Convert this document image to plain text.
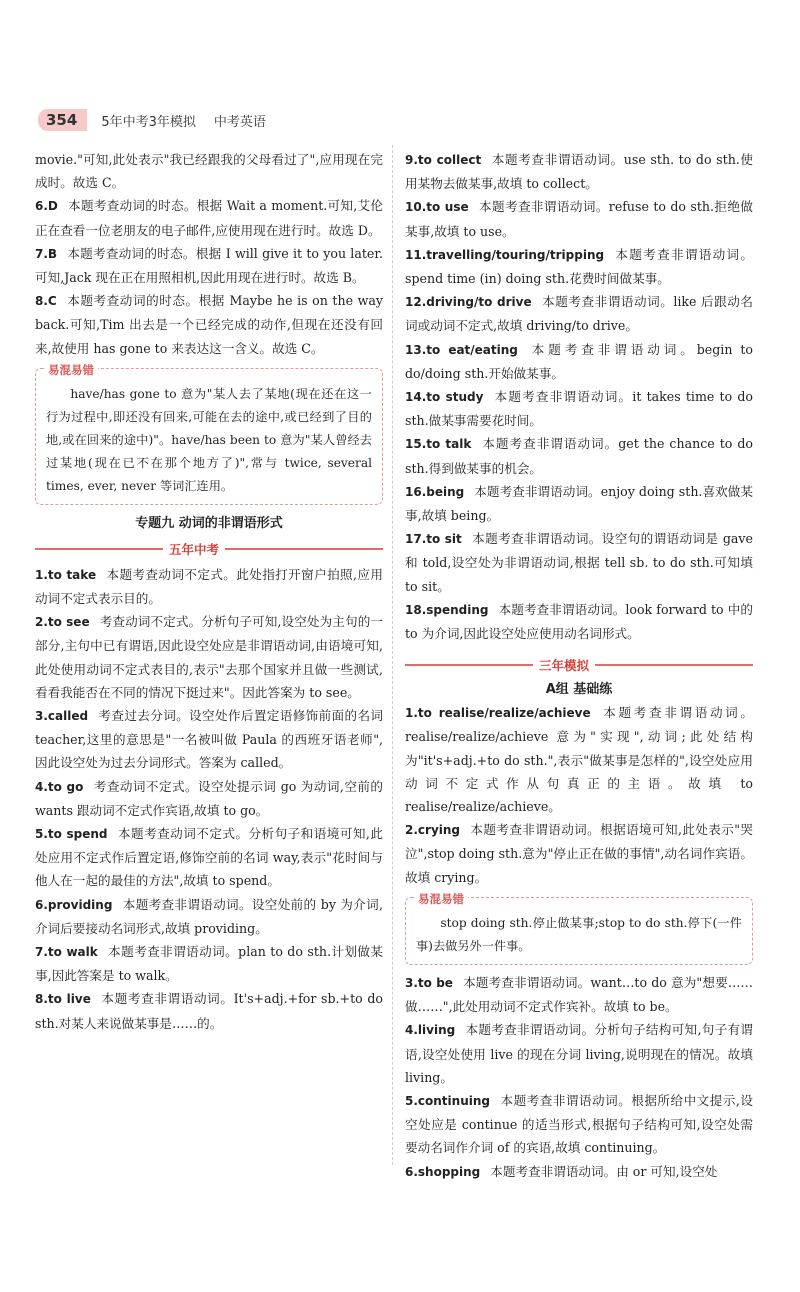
354	5年中考3年模拟 中考英语

movie."可知,此处表示"我已经跟我的父母看过了",应用现在完成时。故选 C。

6.D 本题考查动词的时态。根据 Wait a moment.可知,艾伦正在查看一位老朋友的电子邮件,应使用现在进行时。故选 D。

7.B 本题考查动词的时态。根据 I will give it to you later.可知,Jack 现在正在用照相机,因此用现在进行时。故选 B。

8.C 本题考查动词的时态。根据 Maybe he is on the way back.可知,Tim 出去是一个已经完成的动作,但现在还没有回来,故使用 has gone to 来表达这一含义。故选 C。

易混易错

have/has gone to 意为"某人去了某地(现在还在这一行为过程中,即还没有回来,可能在去的途中,或已经到了目的地,或在回来的途中)"。have/has been to 意为"某人曾经去过某地(现在已不在那个地方了)",常与 twice, several times, ever, never 等词汇连用。

专题九 动词的非谓语形式

五年中考

1.to take 本题考查动词不定式。此处指打开窗户拍照,应用动词不定式表示目的。

2.to see 考查动词不定式。分析句子可知,设空处为主句的一部分,主句中已有谓语,因此设空处应是非谓语动词,由语境可知,此处使用动词不定式表目的,表示"去那个国家并且做一些测试,看看我能否在不同的情况下挺过来"。因此答案为 to see。

3.called 考查过去分词。设空处作后置定语修饰前面的名词 teacher,这里的意思是"一名被叫做 Paula 的西班牙语老师",因此设空处为过去分词形式。答案为 called。

4.to go 考查动词不定式。设空处提示词 go 为动词,空前的 wants 跟动词不定式作宾语,故填 to go。

5.to spend 本题考查动词不定式。分析句子和语境可知,此处应用不定式作后置定语,修饰空前的名词 way,表示"花时间与他人在一起的最佳的方法",故填 to spend。

6.providing 本题考查非谓语动词。设空处前的 by 为介词,介词后要接动名词形式,故填 providing。

7.to walk 本题考查非谓语动词。plan to do sth.计划做某事,因此答案是 to walk。

8.to live 本题考查非谓语动词。It's+adj.+for sb.+to do sth.对某人来说做某事是……的。

9.to collect 本题考查非谓语动词。use sth. to do sth.使用某物去做某事,故填 to collect。

10.to use 本题考查非谓语动词。refuse to do sth.拒绝做某事,故填 to use。

11.travelling/touring/tripping 本题考查非谓语动词。spend time (in) doing sth.花费时间做某事。

12.driving/to drive 本题考查非谓语动词。like 后跟动名词或动词不定式,故填 driving/to drive。

13.to eat/eating 本题考查非谓语动词。begin to do/doing sth.开始做某事。

14.to study 本题考查非谓语动词。it takes time to do sth.做某事需要花时间。

15.to talk 本题考查非谓语动词。get the chance to do sth.得到做某事的机会。

16.being 本题考查非谓语动词。enjoy doing sth.喜欢做某事,故填 being。

17.to sit 本题考查非谓语动词。设空句的谓语动词是 gave 和 told,设空处为非谓语动词,根据 tell sb. to do sth.可知填 to sit。

18.spending 本题考查非谓语动词。look forward to 中的 to 为介词,因此设空处应使用动名词形式。

三年模拟

A组 基础练

1.to realise/realize/achieve 本题考查非谓语动词。realise/realize/achieve 意为"实现",动词;此处结构为"it's+adj.+to do sth.",表示"做某事是怎样的",设空处应用动词不定式作从句真正的主语。故填 to realise/realize/achieve。

2.crying 本题考查非谓语动词。根据语境可知,此处表示"哭泣",stop doing sth.意为"停止正在做的事情",动名词作宾语。故填 crying。

易混易错

stop doing sth.停止做某事;stop to do sth.停下(一件事)去做另外一件事。

3.to be 本题考查非谓语动词。want…to do 意为"想要……做……",此处用动词不定式作宾补。故填 to be。

4.living 本题考查非谓语动词。分析句子结构可知,句子有谓语,设空处使用 live 的现在分词 living,说明现在的情况。故填 living。

5.continuing 本题考查非谓语动词。根据所给中文提示,设空处应是 continue 的适当形式,根据句子结构可知,设空处需要动名词作介词 of 的宾语,故填 continuing。

6.shopping 本题考查非谓语动词。由 or 可知,设空处
